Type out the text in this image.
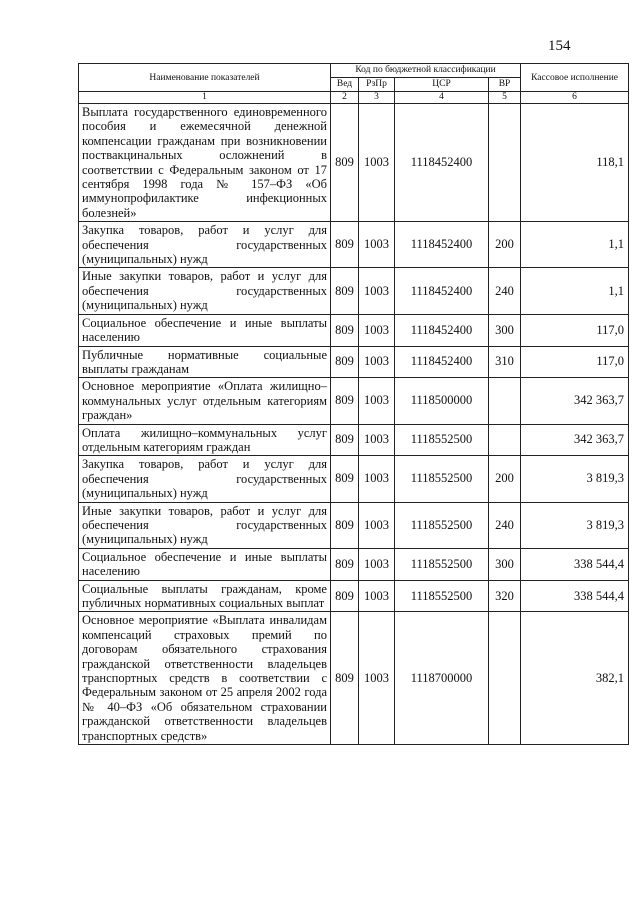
154
Наименование показателей	Код по бюджетной классификации				Кассовое исполнение
	Вед	РзПр	ЦСР	ВР	
1	2	3	4	5	6
Выплата государственного единовременного пособия и ежемесячной денежной компенсации гражданам при возникновении поствакцинальных осложнений в соответствии с Федеральным законом от 17 сентября 1998 года № 157–ФЗ «Об иммунопрофилактике инфекционных болезней»	809	1003	1118452400		118,1
Закупка товаров, работ и услуг для обеспечения государственных (муниципальных) нужд	809	1003	1118452400	200	1,1
Иные закупки товаров, работ и услуг для обеспечения государственных (муниципальных) нужд	809	1003	1118452400	240	1,1
Социальное обеспечение и иные выплаты населению	809	1003	1118452400	300	117,0
Публичные нормативные социальные выплаты гражданам	809	1003	1118452400	310	117,0
Основное мероприятие «Оплата жилищно–коммунальных услуг отдельным категориям граждан»	809	1003	1118500000		342 363,7
Оплата жилищно–коммунальных услуг отдельным категориям граждан	809	1003	1118552500		342 363,7
Закупка товаров, работ и услуг для обеспечения государственных (муниципальных) нужд	809	1003	1118552500	200	3 819,3
Иные закупки товаров, работ и услуг для обеспечения государственных (муниципальных) нужд	809	1003	1118552500	240	3 819,3
Социальное обеспечение и иные выплаты населению	809	1003	1118552500	300	338 544,4
Социальные выплаты гражданам, кроме публичных нормативных социальных выплат	809	1003	1118552500	320	338 544,4
Основное мероприятие «Выплата инвалидам компенсаций страховых премий по договорам обязательного страхования гражданской ответственности владельцев транспортных средств в соответствии с Федеральным законом от 25 апреля 2002 года № 40–ФЗ «Об обязательном страховании гражданской ответственности владельцев транспортных средств»	809	1003	1118700000		382,1
